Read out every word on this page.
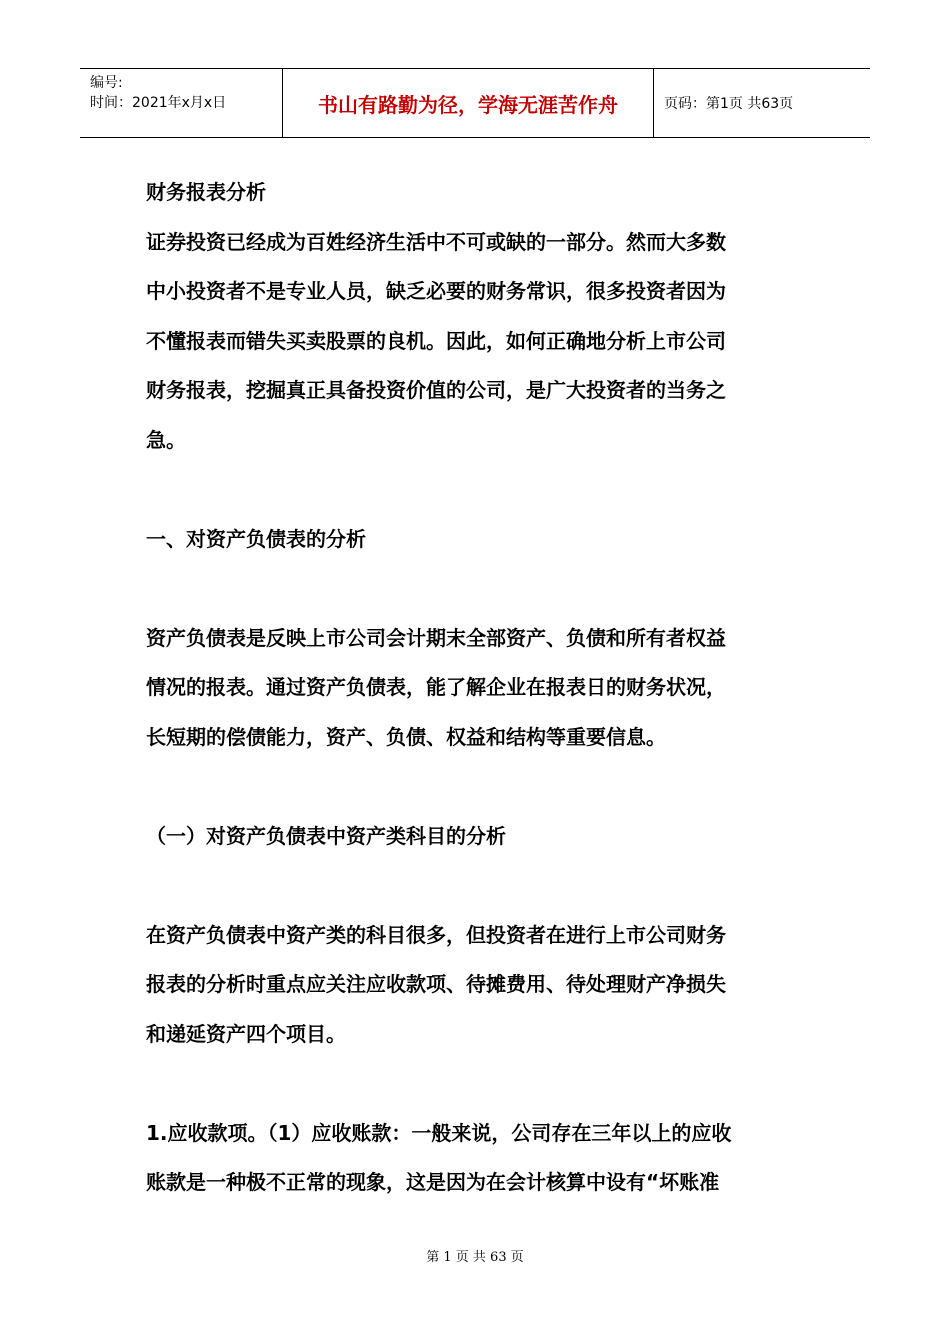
编号:
时间：2021年x月x日	书山有路勤为径，学海无涯苦作舟	页码：第1页 共63页

财务报表分析

证券投资已经成为百姓经济生活中不可或缺的一部分。然而大多数

中小投资者不是专业人员，缺乏必要的财务常识，很多投资者因为

不懂报表而错失买卖股票的良机。因此，如何正确地分析上市公司

财务报表，挖掘真正具备投资价值的公司，是广大投资者的当务之

急。

一、对资产负债表的分析

资产负债表是反映上市公司会计期末全部资产、负债和所有者权益

情况的报表。通过资产负债表，能了解企业在报表日的财务状况，

长短期的偿债能力，资产、负债、权益和结构等重要信息。

（一）对资产负债表中资产类科目的分析

在资产负债表中资产类的科目很多，但投资者在进行上市公司财务

报表的分析时重点应关注应收款项、待摊费用、待处理财产净损失

和递延资产四个项目。

1.应收款项。（1）应收账款：一般来说，公司存在三年以上的应收

账款是一种极不正常的现象，这是因为在会计核算中设有“坏账准

第 1 页 共 63 页
